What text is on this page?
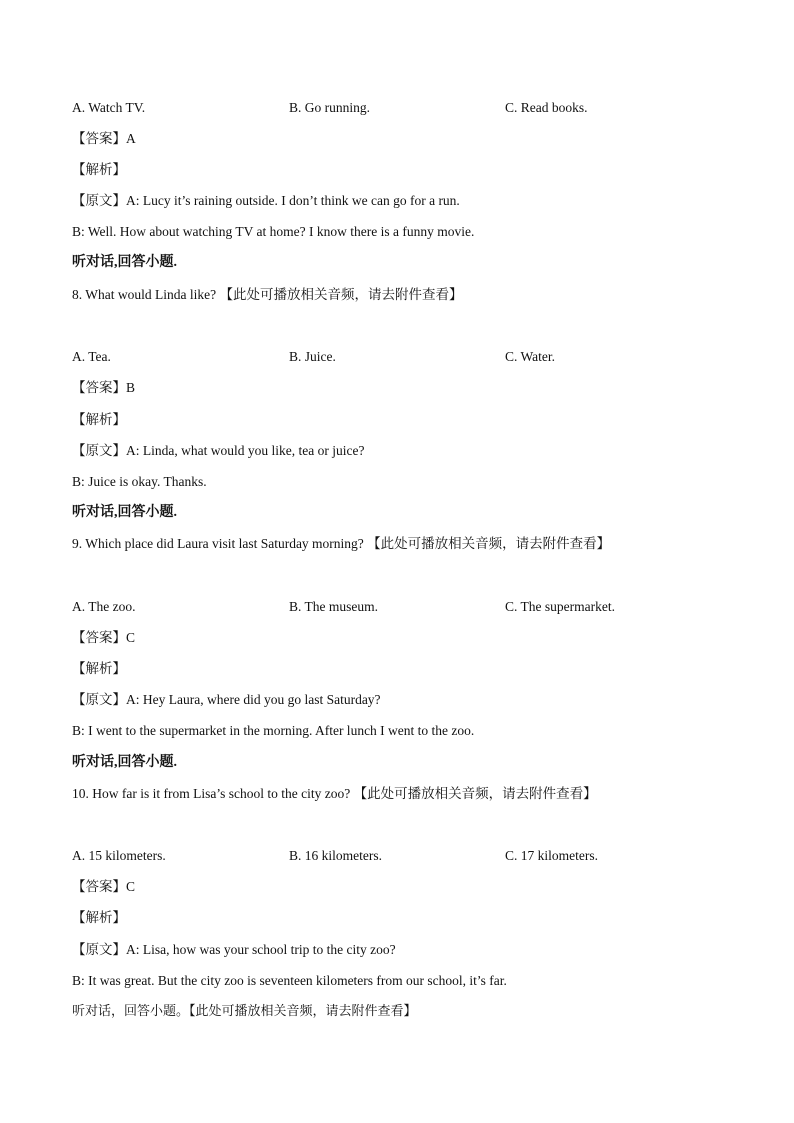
A. Watch TV.	B. Go running.	C. Read books.
【答案】A
【解析】
【原文】A: Lucy it’s raining outside. I don’t think we can go for a run.
B: Well. How about watching TV at home? I know there is a funny movie.
听对话,回答小题.
8. What would Linda like? 【此处可播放相关音频，请去附件查看】
A. Tea.	B. Juice.	C. Water.
【答案】B
【解析】
【原文】A: Linda, what would you like, tea or juice?
B: Juice is okay. Thanks.
听对话,回答小题.
9. Which place did Laura visit last Saturday morning? 【此处可播放相关音频，请去附件查看】
A. The zoo.	B. The museum.	C. The supermarket.
【答案】C
【解析】
【原文】A: Hey Laura, where did you go last Saturday?
B: I went to the supermarket in the morning. After lunch I went to the zoo.
听对话,回答小题.
10. How far is it from Lisa’s school to the city zoo? 【此处可播放相关音频，请去附件查看】
A. 15 kilometers.	B. 16 kilometers.	C. 17 kilometers.
【答案】C
【解析】
【原文】A: Lisa, how was your school trip to the city zoo?
B: It was great. But the city zoo is seventeen kilometers from our school, it’s far.
听对话，回答小题。【此处可播放相关音频，请去附件查看】
